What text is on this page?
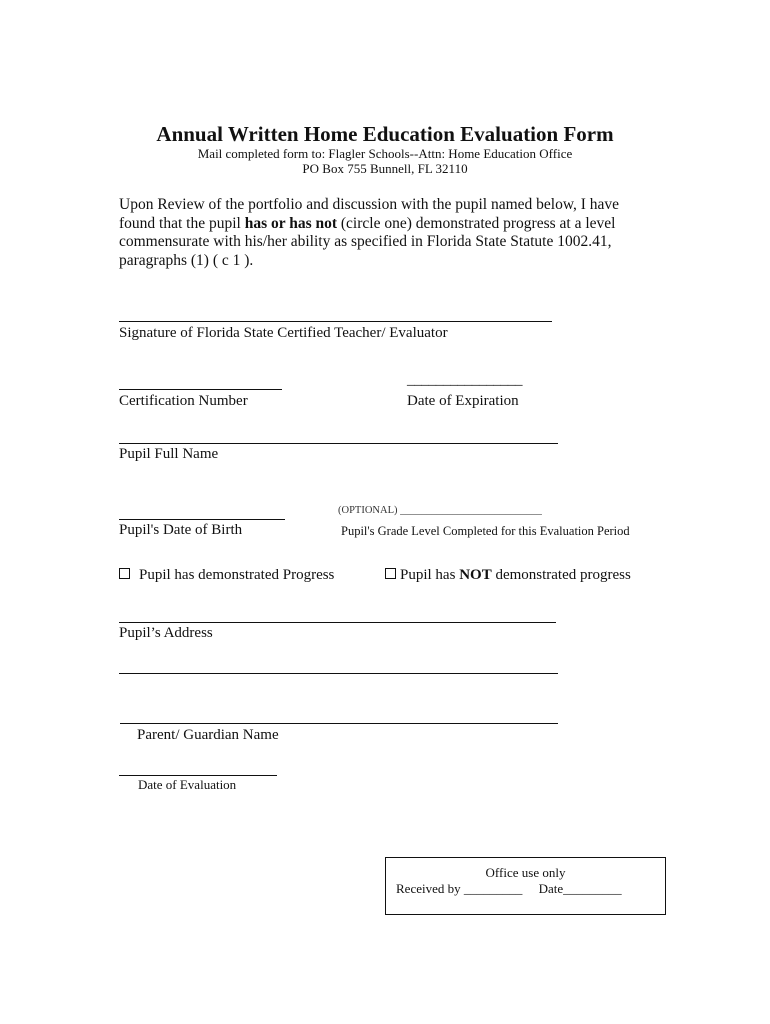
Annual Written Home Education Evaluation Form
Mail completed form to: Flagler Schools--Attn: Home Education Office
PO Box 755 Bunnell, FL 32110
Upon Review of the portfolio and discussion with the pupil named below, I have found that the pupil has or has not (circle one) demonstrated progress at a level commensurate with his/her ability as specified in Florida State Statute 1002.41, paragraphs (1) ( c 1 ).
Signature of Florida State Certified Teacher/ Evaluator
Certification Number
________________
Date of Expiration
Pupil Full Name
Pupil's Date of Birth
(OPTIONAL) ___________________________
Pupil's Grade Level Completed for this Evaluation Period
Pupil has demonstrated Progress	Pupil has NOT demonstrated progress
Pupil’s Address
Parent/ Guardian Name
Date of Evaluation
Office use only
Received by _________     Date_________
